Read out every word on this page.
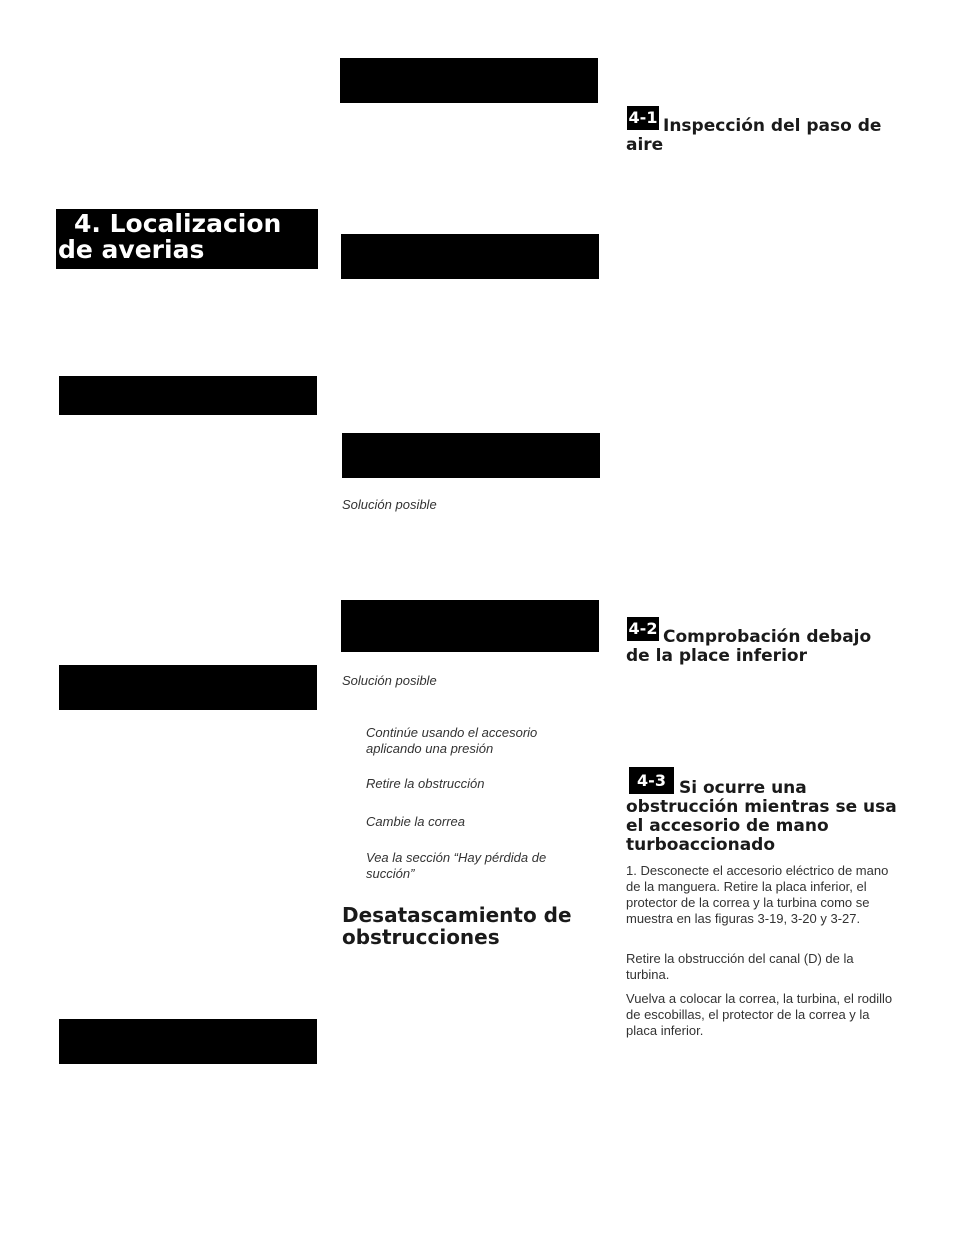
4. Localizacion
de averias
Solución posible
Solución posible
Continúe usando el accesorio aplicando una presión
Retire la obstrucción
Cambie la correa
Vea la sección “Hay pérdida de succión”
Desatascamiento de obstrucciones
4-1 Inspección del paso de aire
4-2 Comprobación debajo de la place inferior
4-3 Si ocurre una obstrucción mientras se usa el accesorio de mano turboaccionado
1. Desconecte el accesorio eléctrico de mano de la manguera. Retire la placa inferior, el protector de la correa y la turbina como se muestra en las figuras 3-19, 3-20 y 3-27.
Retire la obstrucción del canal (D) de la turbina.
Vuelva a colocar la correa, la turbina, el rodillo de escobillas, el protector de la correa y la placa inferior.
